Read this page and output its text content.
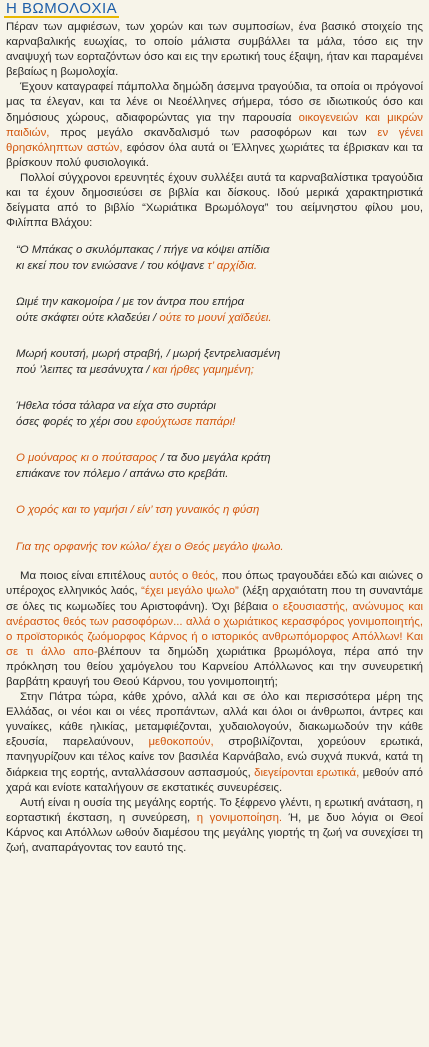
Η ΒΩΜΟΛΟΧΙΑ

Πέραν των αμφιέσων, των χορών και των συμποσίων, ένα βασικό στοιχείο της καρναβαλικής ευωχίας, το οποίο μάλιστα συμβάλλει τα μάλα, τόσο εις την αναψυχή των εορταζόντων όσο και εις την ερωτική τους έξαψη, ήταν και παραμένει βεβαίως η βωμολοχία.

Έχουν καταγραφεί πάμπολλα δημώδη άσεμνα τραγούδια, τα οποία οι πρόγονοί μας τα έλεγαν, και τα λένε οι Νεοέλληνες σήμερα, τόσο σε ιδιωτικούς όσο και δημόσιους χώρους, αδιαφορώντας για την παρουσία οικογενειών και μικρών παιδιών, προς μεγάλο σκανδαλισμό των ρασοφόρων και των εν γένει θρησκόληπτων αστών, εφόσον όλα αυτά οι Έλληνες χωριάτες τα έβρισκαν και τα βρίσκουν πολύ φυσιολογικά.

Πολλοί σύγχρονοι ερευνητές έχουν συλλέξει αυτά τα καρναβαλίστικα τραγούδια και τα έχουν δημοσιεύσει σε βιβλία και δίσκους. Ιδού μερικά χαρακτηριστικά δείγματα από το βιβλίο “Χωριάτικα Βρωμόλογα” του αείμνηστου φίλου μου, Φιλίππα Βλάχου:

“Ο Μπάκας ο σκυλόμπακας / πήγε να κόψει απίδια
κι εκεί που τον ενιώσανε / του κόψανε τ’ αρχίδια.
Ωιμέ την κακομοίρα / με τον άντρα που επήρα
ούτε σκάφτει ούτε κλαδεύει / ούτε το μουνί χαϊδεύει.
Μωρή κουτσή, μωρή στραβή, / μωρή ξεντρελιασμένη
πού ’λειπες τα μεσάνυχτα / και ήρθες γαμημένη;
Ήθελα τόσα τάλαρα να είχα στο συρτάρι
όσες φορές το χέρι σου εφούχτωσε παπάρι!
Ο μούναρος κι ο πούτσαρος / τα δυο μεγάλα κράτη
επιάκανε τον πόλεμο / απάνω στο κρεβάτι.
Ο χορός και το γαμήσι / είν’ τση γυναικός η φύση
Για της ορφανής τον κώλο/ έχει ο Θεός μεγάλο ψωλο.

Μα ποιος είναι επιτέλους αυτός ο θεός, που όπως τραγουδάει εδώ και αιώνες ο υπέροχος ελληνικός λαός, “έχει μεγάλο ψωλο” (λέξη αρχαιότατη που τη συναντάμε σε όλες τις κωμωδίες του Αριστοφάνη). Όχι βέβαια ο εξουσιαστής, ανώνυμος και ανέραστος θεός των ρασοφόρων... αλλά ο χωριάτικος κερασφόρος γονιμοποιητής, ο προϊστορικός ζωόμορφος Κάρνος ή ο ιστορικός ανθρωπόμορφος Απόλλων! Και σε τι άλλο απο-βλέπουν τα δημώδη χωριάτικα βρωμόλογα, πέρα από την πρόκληση του θείου χαμόγελου του Καρνείου Απόλλωνος και την συνευρετική βαρβάτη κραυγή του Θεού Κάρνου, του γονιμοποιητή;

Στην Πάτρα τώρα, κάθε χρόνο, αλλά και σε όλο και περισσότερα μέρη της Ελλάδας, οι νέοι και οι νέες προπάντων, αλλά και όλοι οι άνθρωποι, άντρες και γυναίκες, κάθε ηλικίας, μεταμφιέζονται, χυδαιολογούν, διακωμωδούν την κάθε εξουσία, παρελαύνουν, μεθοκοπούν, στροβιλίζονται, χορεύουν ερωτικά, πανηγυρίζουν και τέλος καίνε τον βασιλέα Καρνάβαλο, ενώ συχνά πυκνά, κατά τη διάρκεια της εορτής, ανταλλάσσουν ασπασμούς, διεγείρονται ερωτικά, μεθούν από χαρά και ενίοτε καταλήγουν σε εκστατικές συνευρέσεις.

Αυτή είναι η ουσία της μεγάλης εορτής. Το ξέφρενο γλέντι, η ερωτική ανάταση, η εορταστική έκσταση, η συνεύρεση, η γονιμοποίηση. Ή, με δυο λόγια οι Θεοί Κάρνος και Απόλλων ωθούν διαμέσου της μεγάλης γιορτής τη ζωή να συνεχίσει τη ζωή, αναπαράγοντας τον εαυτό της.
